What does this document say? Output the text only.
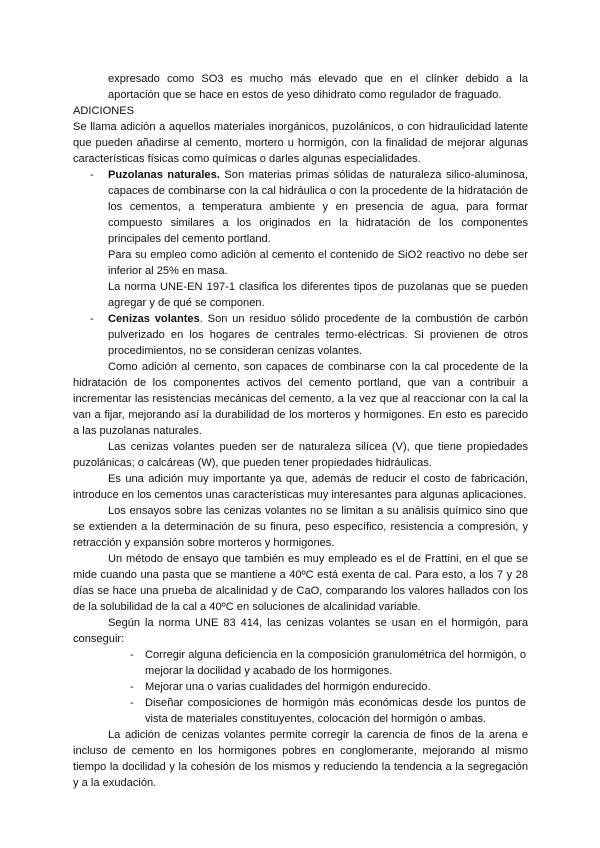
expresado como SO3 es mucho más elevado que en el clínker debido a la aportación que se hace en estos de yeso dihidrato como regulador de fraguado.

ADICIONES

Se llama adición a aquellos materiales inorgánicos, puzolánicos, o con hidraulicidad latente que pueden añadirse al cemento, mortero u hormigón, con la finalidad de mejorar algunas características físicas como químicas o darles algunas especialidades.

- Puzolanas naturales. Son materias primas sólidas de naturaleza silico-aluminosa, capaces de combinarse con la cal hidráulica o con la procedente de la hidratación de los cementos, a temperatura ambiente y en presencia de agua, para formar compuesto similares a los originados en la hidratación de los componentes principales del cemento portland.

Para su empleo como adición al cemento el contenido de SiO2 reactivo no debe ser inferior al 25% en masa.

La norma UNE-EN 197-1 clasifica los diferentes tipos de puzolanas que se pueden agregar y de qué se componen.

- Cenizas volantes. Son un residuo sólido procedente de la combustión de carbón pulverizado en los hogares de centrales termo-eléctricas. Si provienen de otros procedimientos, no se consideran cenizas volantes.

Como adición al cemento, son capaces de combinarse con la cal procedente de la hidratación de los componentes activos del cemento portland, que van a contribuir a incrementar las resistencias mecánicas del cemento, a la vez que al reaccionar con la cal la van a fijar, mejorando así la durabilidad de los morteros y hormigones. En esto es parecido a las puzolanas naturales.

Las cenizas volantes pueden ser de naturaleza silícea (V), que tiene propiedades puzolánicas; o calcáreas (W), que pueden tener propiedades hidráulicas.

Es una adición muy importante ya que, además de reducir el costo de fabricación, introduce en los cementos unas características muy interesantes para algunas aplicaciones.

Los ensayos sobre las cenizas volantes no se limitan a su análisis químico sino que se extienden a la determinación de su finura, peso específico, resistencia a compresión, y retracción y expansión sobre morteros y hormigones.

Un método de ensayo que también es muy empleado es el de Frattini, en el que se mide cuando una pasta que se mantiene a 40ºC está exenta de cal. Para esto, a los 7 y 28 días se hace una prueba de alcalinidad y de CaO, comparando los valores hallados con los de la solubilidad de la cal a 40ºC en soluciones de alcalinidad variable.

Según la norma UNE 83 414, las cenizas volantes se usan en el hormigón, para conseguir:

- Corregir alguna deficiencia en la composición granulométrica del hormigón, o mejorar la docilidad y acabado de los hormigones.

- Mejorar una o varias cualidades del hormigón endurecido.

- Diseñar composiciones de hormigón más económicas desde los puntos de vista de materiales constituyentes, colocación del hormigón o ambas.

La adición de cenizas volantes permite corregir la carencia de finos de la arena e incluso de cemento en los hormigones pobres en conglomerante, mejorando al mismo tiempo la docilidad y la cohesión de los mismos y reduciendo la tendencia a la segregación y a la exudación.
